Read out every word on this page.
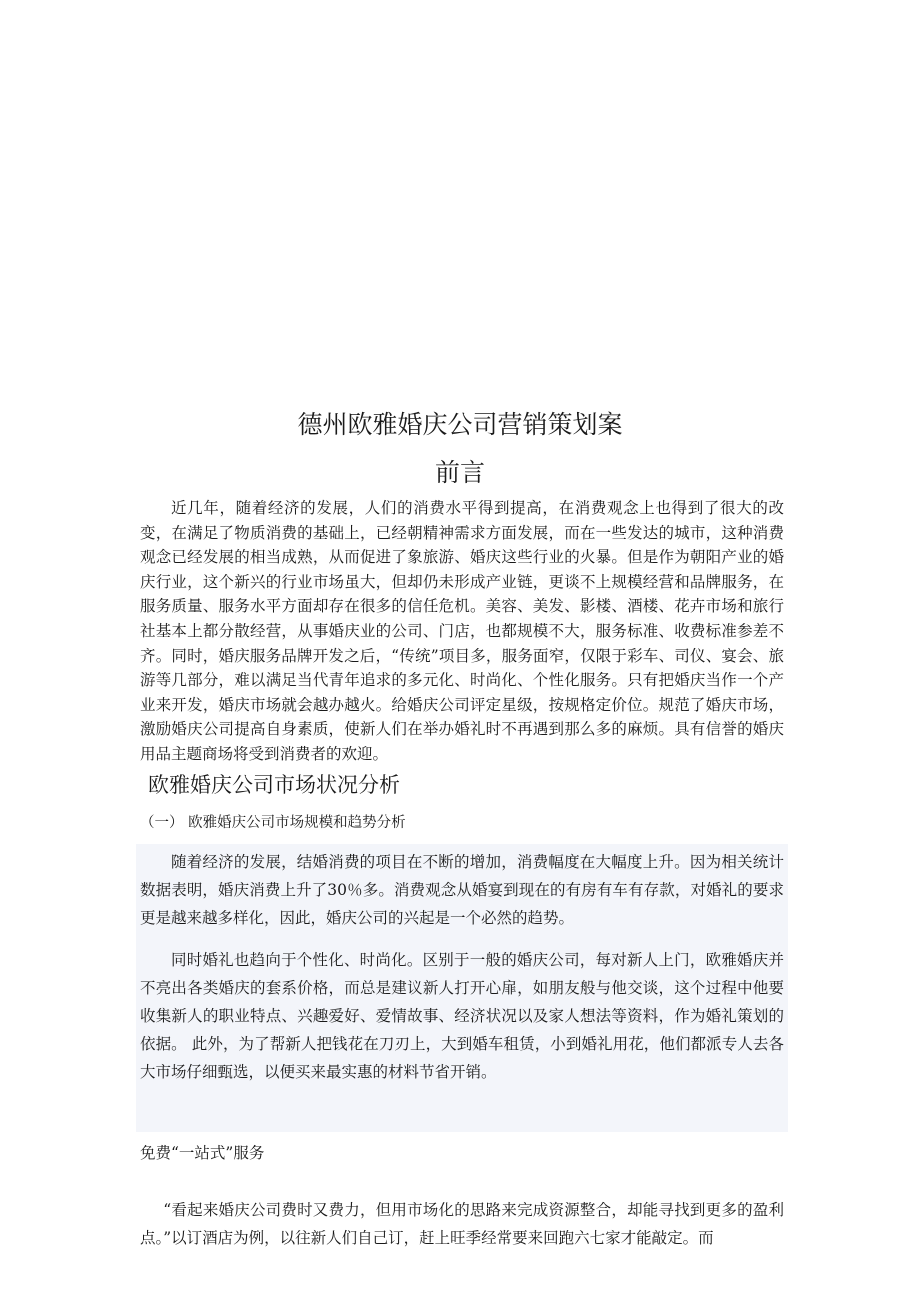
德州欧雅婚庆公司营销策划案
前言

近几年，随着经济的发展，人们的消费水平得到提高，在消费观念上也得到了很大的改变，在满足了物质消费的基础上，已经朝精神需求方面发展，而在一些发达的城市，这种消费观念已经发展的相当成熟，从而促进了象旅游、婚庆这些行业的火暴。但是作为朝阳产业的婚庆行业，这个新兴的行业市场虽大，但却仍未形成产业链，更谈不上规模经营和品牌服务，在服务质量、服务水平方面却存在很多的信任危机。美容、美发、影楼、酒楼、花卉市场和旅行社基本上都分散经营，从事婚庆业的公司、门店，也都规模不大，服务标准、收费标准参差不齐。同时，婚庆服务品牌开发之后，“传统”项目多，服务面窄，仅限于彩车、司仪、宴会、旅游等几部分，难以满足当代青年追求的多元化、时尚化、个性化服务。只有把婚庆当作一个产业来开发，婚庆市场就会越办越火。给婚庆公司评定星级，按规格定价位。规范了婚庆市场，激励婚庆公司提高自身素质，使新人们在举办婚礼时不再遇到那么多的麻烦。具有信誉的婚庆用品主题商场将受到消费者的欢迎。

欧雅婚庆公司市场状况分析
（一） 欧雅婚庆公司市场规模和趋势分析

随着经济的发展，结婚消费的项目在不断的增加，消费幅度在大幅度上升。因为相关统计数据表明，婚庆消费上升了30％多。消费观念从婚宴到现在的有房有车有存款，对婚礼的要求更是越来越多样化，因此，婚庆公司的兴起是一个必然的趋势。

同时婚礼也趋向于个性化、时尚化。区别于一般的婚庆公司，每对新人上门，欧雅婚庆并不亮出各类婚庆的套系价格，而总是建议新人打开心扉，如朋友般与他交谈，这个过程中他要收集新人的职业特点、兴趣爱好、爱情故事、经济状况以及家人想法等资料，作为婚礼策划的依据。 此外，为了帮新人把钱花在刀刃上，大到婚车租赁，小到婚礼用花，他们都派专人去各大市场仔细甄选，以便买来最实惠的材料节省开销。

免费“一站式”服务

“看起来婚庆公司费时又费力，但用市场化的思路来完成资源整合，却能寻找到更多的盈利点。”以订酒店为例，以往新人们自己订，赶上旺季经常要来回跑六七家才能敲定。而
